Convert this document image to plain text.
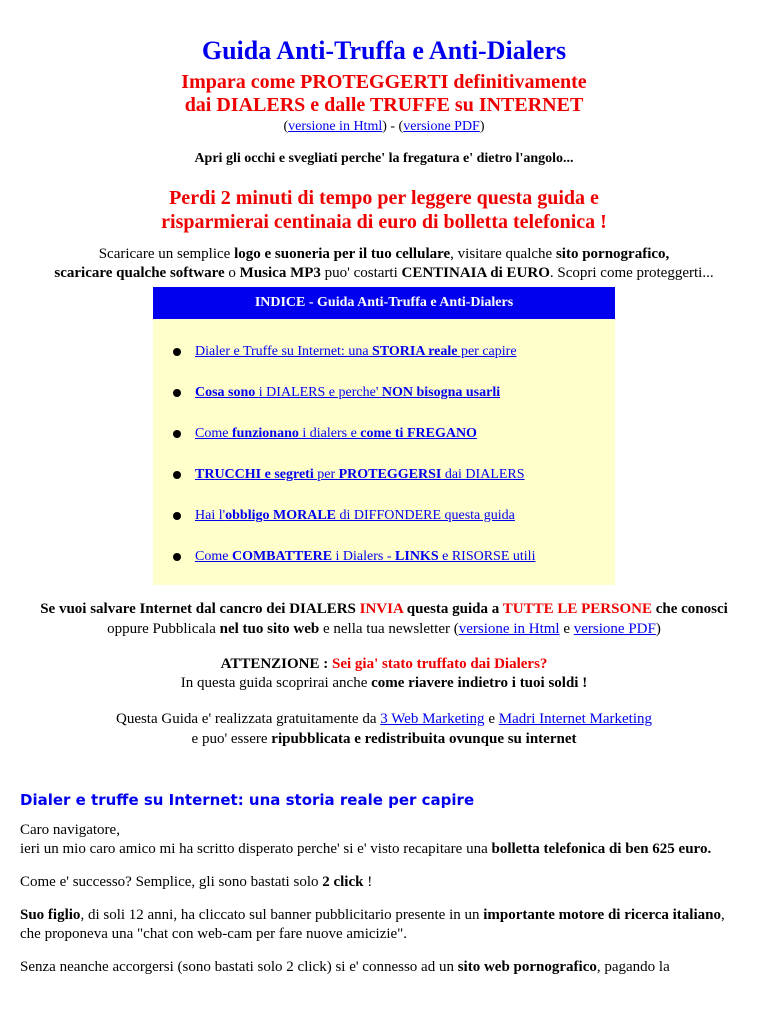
Guida Anti-Truffa e Anti-Dialers
Impara come PROTEGGERTI definitivamente
dai DIALERS e dalle TRUFFE su INTERNET
(versione in Html) - (versione PDF)
Apri gli occhi e svegliati perche' la fregatura e' dietro l'angolo...
Perdi 2 minuti di tempo per leggere questa guida e
risparmierai centinaia di euro di bolletta telefonica !
Scaricare un semplice logo e suoneria per il tuo cellulare, visitare qualche sito pornografico,
scaricare qualche software o Musica MP3 puo' costarti CENTINAIA di EURO. Scopri come proteggerti...
INDICE - Guida Anti-Truffa e Anti-Dialers
Dialer e Truffe su Internet: una STORIA reale per capire
Cosa sono i DIALERS e perche' NON bisogna usarli
Come funzionano i dialers e come ti FREGANO
TRUCCHI e segreti per PROTEGGERSI dai DIALERS
Hai l'obbligo MORALE di DIFFONDERE questa guida
Come COMBATTERE i Dialers - LINKS e RISORSE utili
Se vuoi salvare Internet dal cancro dei DIALERS INVIA questa guida a TUTTE LE PERSONE che conosci
oppure Pubblicala nel tuo sito web e nella tua newsletter (versione in Html e versione PDF)
ATTENZIONE : Sei gia' stato truffato dai Dialers?
In questa guida scoprirai anche come riavere indietro i tuoi soldi !
Questa Guida e' realizzata gratuitamente da 3 Web Marketing e Madri Internet Marketing
e puo' essere ripubblicata e redistribuita ovunque su internet
Dialer e truffe su Internet: una storia reale per capire
Caro navigatore,
ieri un mio caro amico mi ha scritto disperato perche' si e' visto recapitare una bolletta telefonica di ben 625 euro.
Come e' successo? Semplice, gli sono bastati solo 2 click !
Suo figlio, di soli 12 anni, ha cliccato sul banner pubblicitario presente in un importante motore di ricerca italiano, che proponeva una "chat con web-cam per fare nuove amicizie".
Senza neanche accorgersi (sono bastati solo 2 click) si e' connesso ad un sito web pornografico, pagando la
